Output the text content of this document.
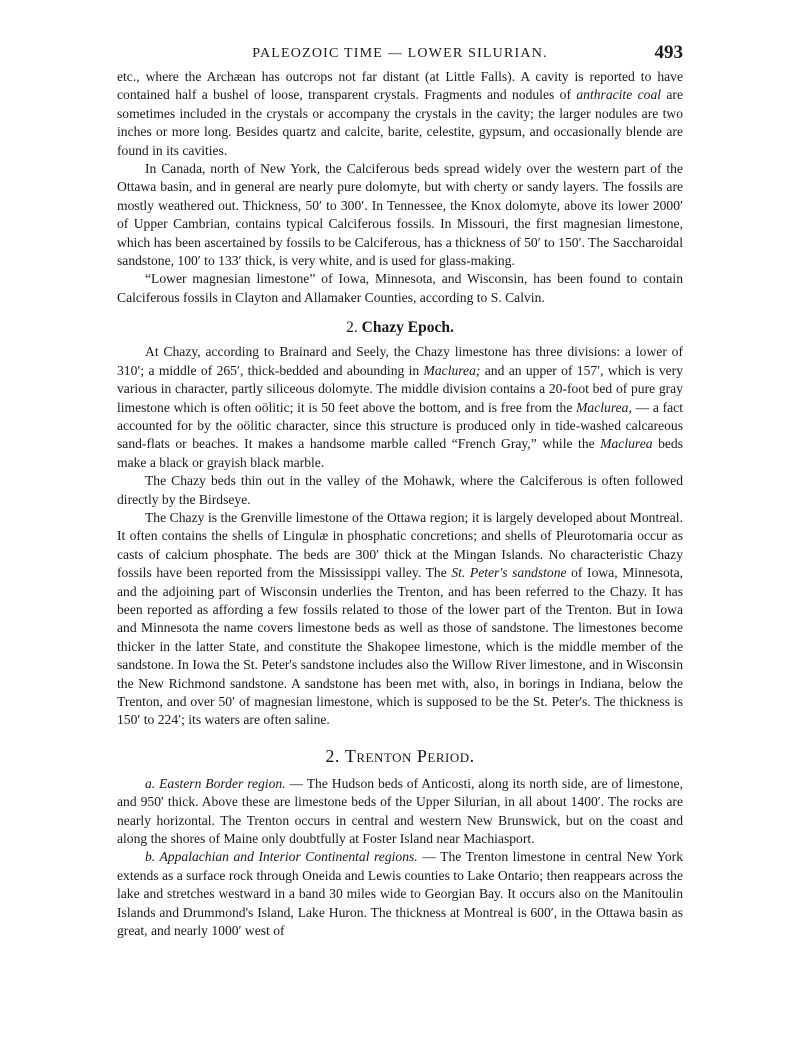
PALEOZOIC TIME — LOWER SILURIAN.	493

etc., where the Archæan has outcrops not far distant (at Little Falls). A cavity is reported to have contained half a bushel of loose, transparent crystals. Fragments and nodules of anthracite coal are sometimes included in the crystals or accompany the crystals in the cavity; the larger nodules are two inches or more long. Besides quartz and calcite, barite, celestite, gypsum, and occasionally blende are found in its cavities.

In Canada, north of New York, the Calciferous beds spread widely over the western part of the Ottawa basin, and in general are nearly pure dolomyte, but with cherty or sandy layers. The fossils are mostly weathered out. Thickness, 50′ to 300′. In Tennessee, the Knox dolomyte, above its lower 2000′ of Upper Cambrian, contains typical Calciferous fossils. In Missouri, the first magnesian limestone, which has been ascertained by fossils to be Calciferous, has a thickness of 50′ to 150′. The Saccharoidal sandstone, 100′ to 133′ thick, is very white, and is used for glass-making.

“Lower magnesian limestone” of Iowa, Minnesota, and Wisconsin, has been found to contain Calciferous fossils in Clayton and Allamaker Counties, according to S. Calvin.

2. Chazy Epoch.

At Chazy, according to Brainard and Seely, the Chazy limestone has three divisions: a lower of 310′; a middle of 265′, thick-bedded and abounding in Maclurea; and an upper of 157′, which is very various in character, partly siliceous dolomyte. The middle division contains a 20-foot bed of pure gray limestone which is often oölitic; it is 50 feet above the bottom, and is free from the Maclurea, — a fact accounted for by the oölitic character, since this structure is produced only in tide-washed calcareous sand-flats or beaches. It makes a handsome marble called “French Gray,” while the Maclurea beds make a black or grayish black marble.

The Chazy beds thin out in the valley of the Mohawk, where the Calciferous is often followed directly by the Birdseye.

The Chazy is the Grenville limestone of the Ottawa region; it is largely developed about Montreal. It often contains the shells of Lingulæ in phosphatic concretions; and shells of Pleurotomaria occur as casts of calcium phosphate. The beds are 300′ thick at the Mingan Islands. No characteristic Chazy fossils have been reported from the Mississippi valley. The St. Peter's sandstone of Iowa, Minnesota, and the adjoining part of Wisconsin underlies the Trenton, and has been referred to the Chazy. It has been reported as affording a few fossils related to those of the lower part of the Trenton. But in Iowa and Minnesota the name covers limestone beds as well as those of sandstone. The limestones become thicker in the latter State, and constitute the Shakopee limestone, which is the middle member of the sandstone. In Iowa the St. Peter's sandstone includes also the Willow River limestone, and in Wisconsin the New Richmond sandstone. A sandstone has been met with, also, in borings in Indiana, below the Trenton, and over 50′ of magnesian limestone, which is supposed to be the St. Peter's. The thickness is 150′ to 224′; its waters are often saline.

2. Trenton Period.

a. Eastern Border region. — The Hudson beds of Anticosti, along its north side, are of limestone, and 950′ thick. Above these are limestone beds of the Upper Silurian, in all about 1400′. The rocks are nearly horizontal. The Trenton occurs in central and western New Brunswick, but on the coast and along the shores of Maine only doubtfully at Foster Island near Machiasport.

b. Appalachian and Interior Continental regions. — The Trenton limestone in central New York extends as a surface rock through Oneida and Lewis counties to Lake Ontario; then reappears across the lake and stretches westward in a band 30 miles wide to Georgian Bay. It occurs also on the Manitoulin Islands and Drummond's Island, Lake Huron. The thickness at Montreal is 600′, in the Ottawa basin as great, and nearly 1000′ west of
